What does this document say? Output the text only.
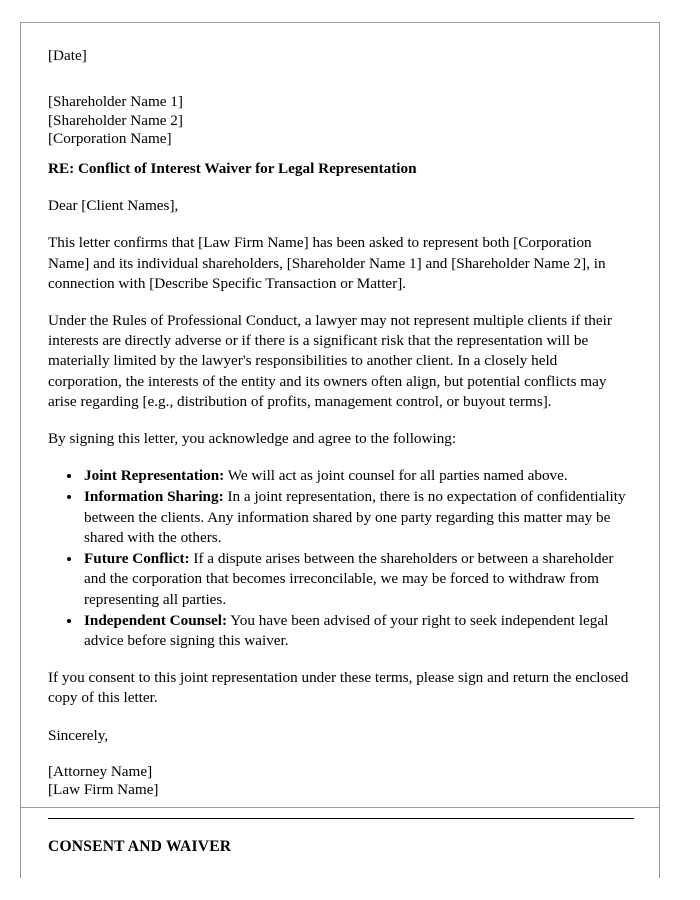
[Date]

[Shareholder Name 1]

[Shareholder Name 2]

[Corporation Name]

RE: Conflict of Interest Waiver for Legal Representation

Dear [Client Names],

This letter confirms that [Law Firm Name] has been asked to represent both [Corporation Name] and its individual shareholders, [Shareholder Name 1] and [Shareholder Name 2], in connection with [Describe Specific Transaction or Matter].

Under the Rules of Professional Conduct, a lawyer may not represent multiple clients if their interests are directly adverse or if there is a significant risk that the representation will be materially limited by the lawyer's responsibilities to another client. In a closely held corporation, the interests of the entity and its owners often align, but potential conflicts may arise regarding [e.g., distribution of profits, management control, or buyout terms].

By signing this letter, you acknowledge and agree to the following:

• Joint Representation: We will act as joint counsel for all parties named above.
• Information Sharing: In a joint representation, there is no expectation of confidentiality between the clients. Any information shared by one party regarding this matter may be shared with the others.
• Future Conflict: If a dispute arises between the shareholders or between a shareholder and the corporation that becomes irreconcilable, we may be forced to withdraw from representing all parties.
• Independent Counsel: You have been advised of your right to seek independent legal advice before signing this waiver.

If you consent to this joint representation under these terms, please sign and return the enclosed copy of this letter.

Sincerely,

[Attorney Name]

[Law Firm Name]

CONSENT AND WAIVER
